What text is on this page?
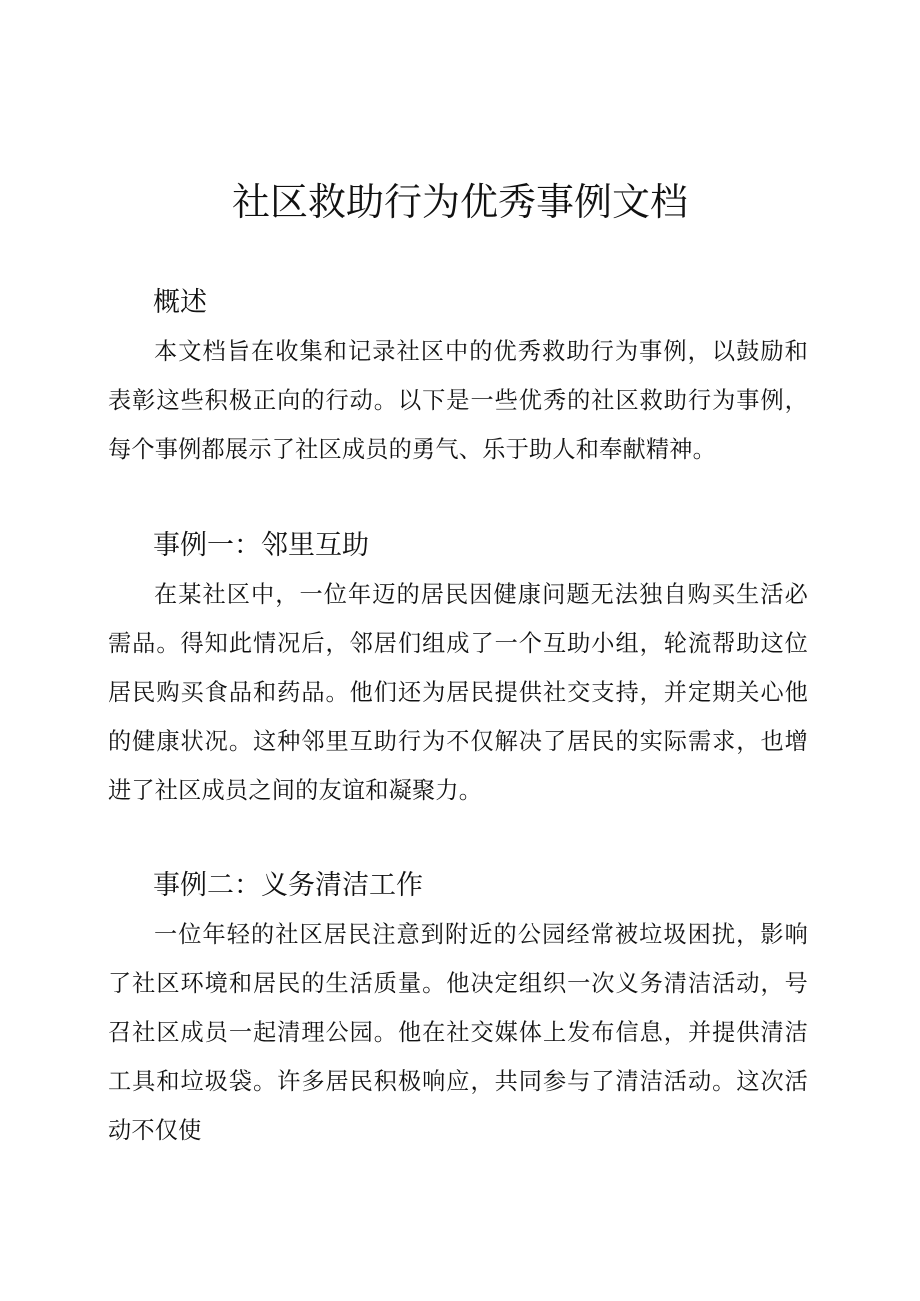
社区救助行为优秀事例文档
概述

本文档旨在收集和记录社区中的优秀救助行为事例，以鼓励和表彰这些积极正向的行动。以下是一些优秀的社区救助行为事例，每个事例都展示了社区成员的勇气、乐于助人和奉献精神。

事例一：邻里互助

在某社区中，一位年迈的居民因健康问题无法独自购买生活必需品。得知此情况后，邻居们组成了一个互助小组，轮流帮助这位居民购买食品和药品。他们还为居民提供社交支持，并定期关心他的健康状况。这种邻里互助行为不仅解决了居民的实际需求，也增进了社区成员之间的友谊和凝聚力。

事例二：义务清洁工作

一位年轻的社区居民注意到附近的公园经常被垃圾困扰，影响了社区环境和居民的生活质量。他决定组织一次义务清洁活动，号召社区成员一起清理公园。他在社交媒体上发布信息，并提供清洁工具和垃圾袋。许多居民积极响应，共同参与了清洁活动。这次活动不仅使
